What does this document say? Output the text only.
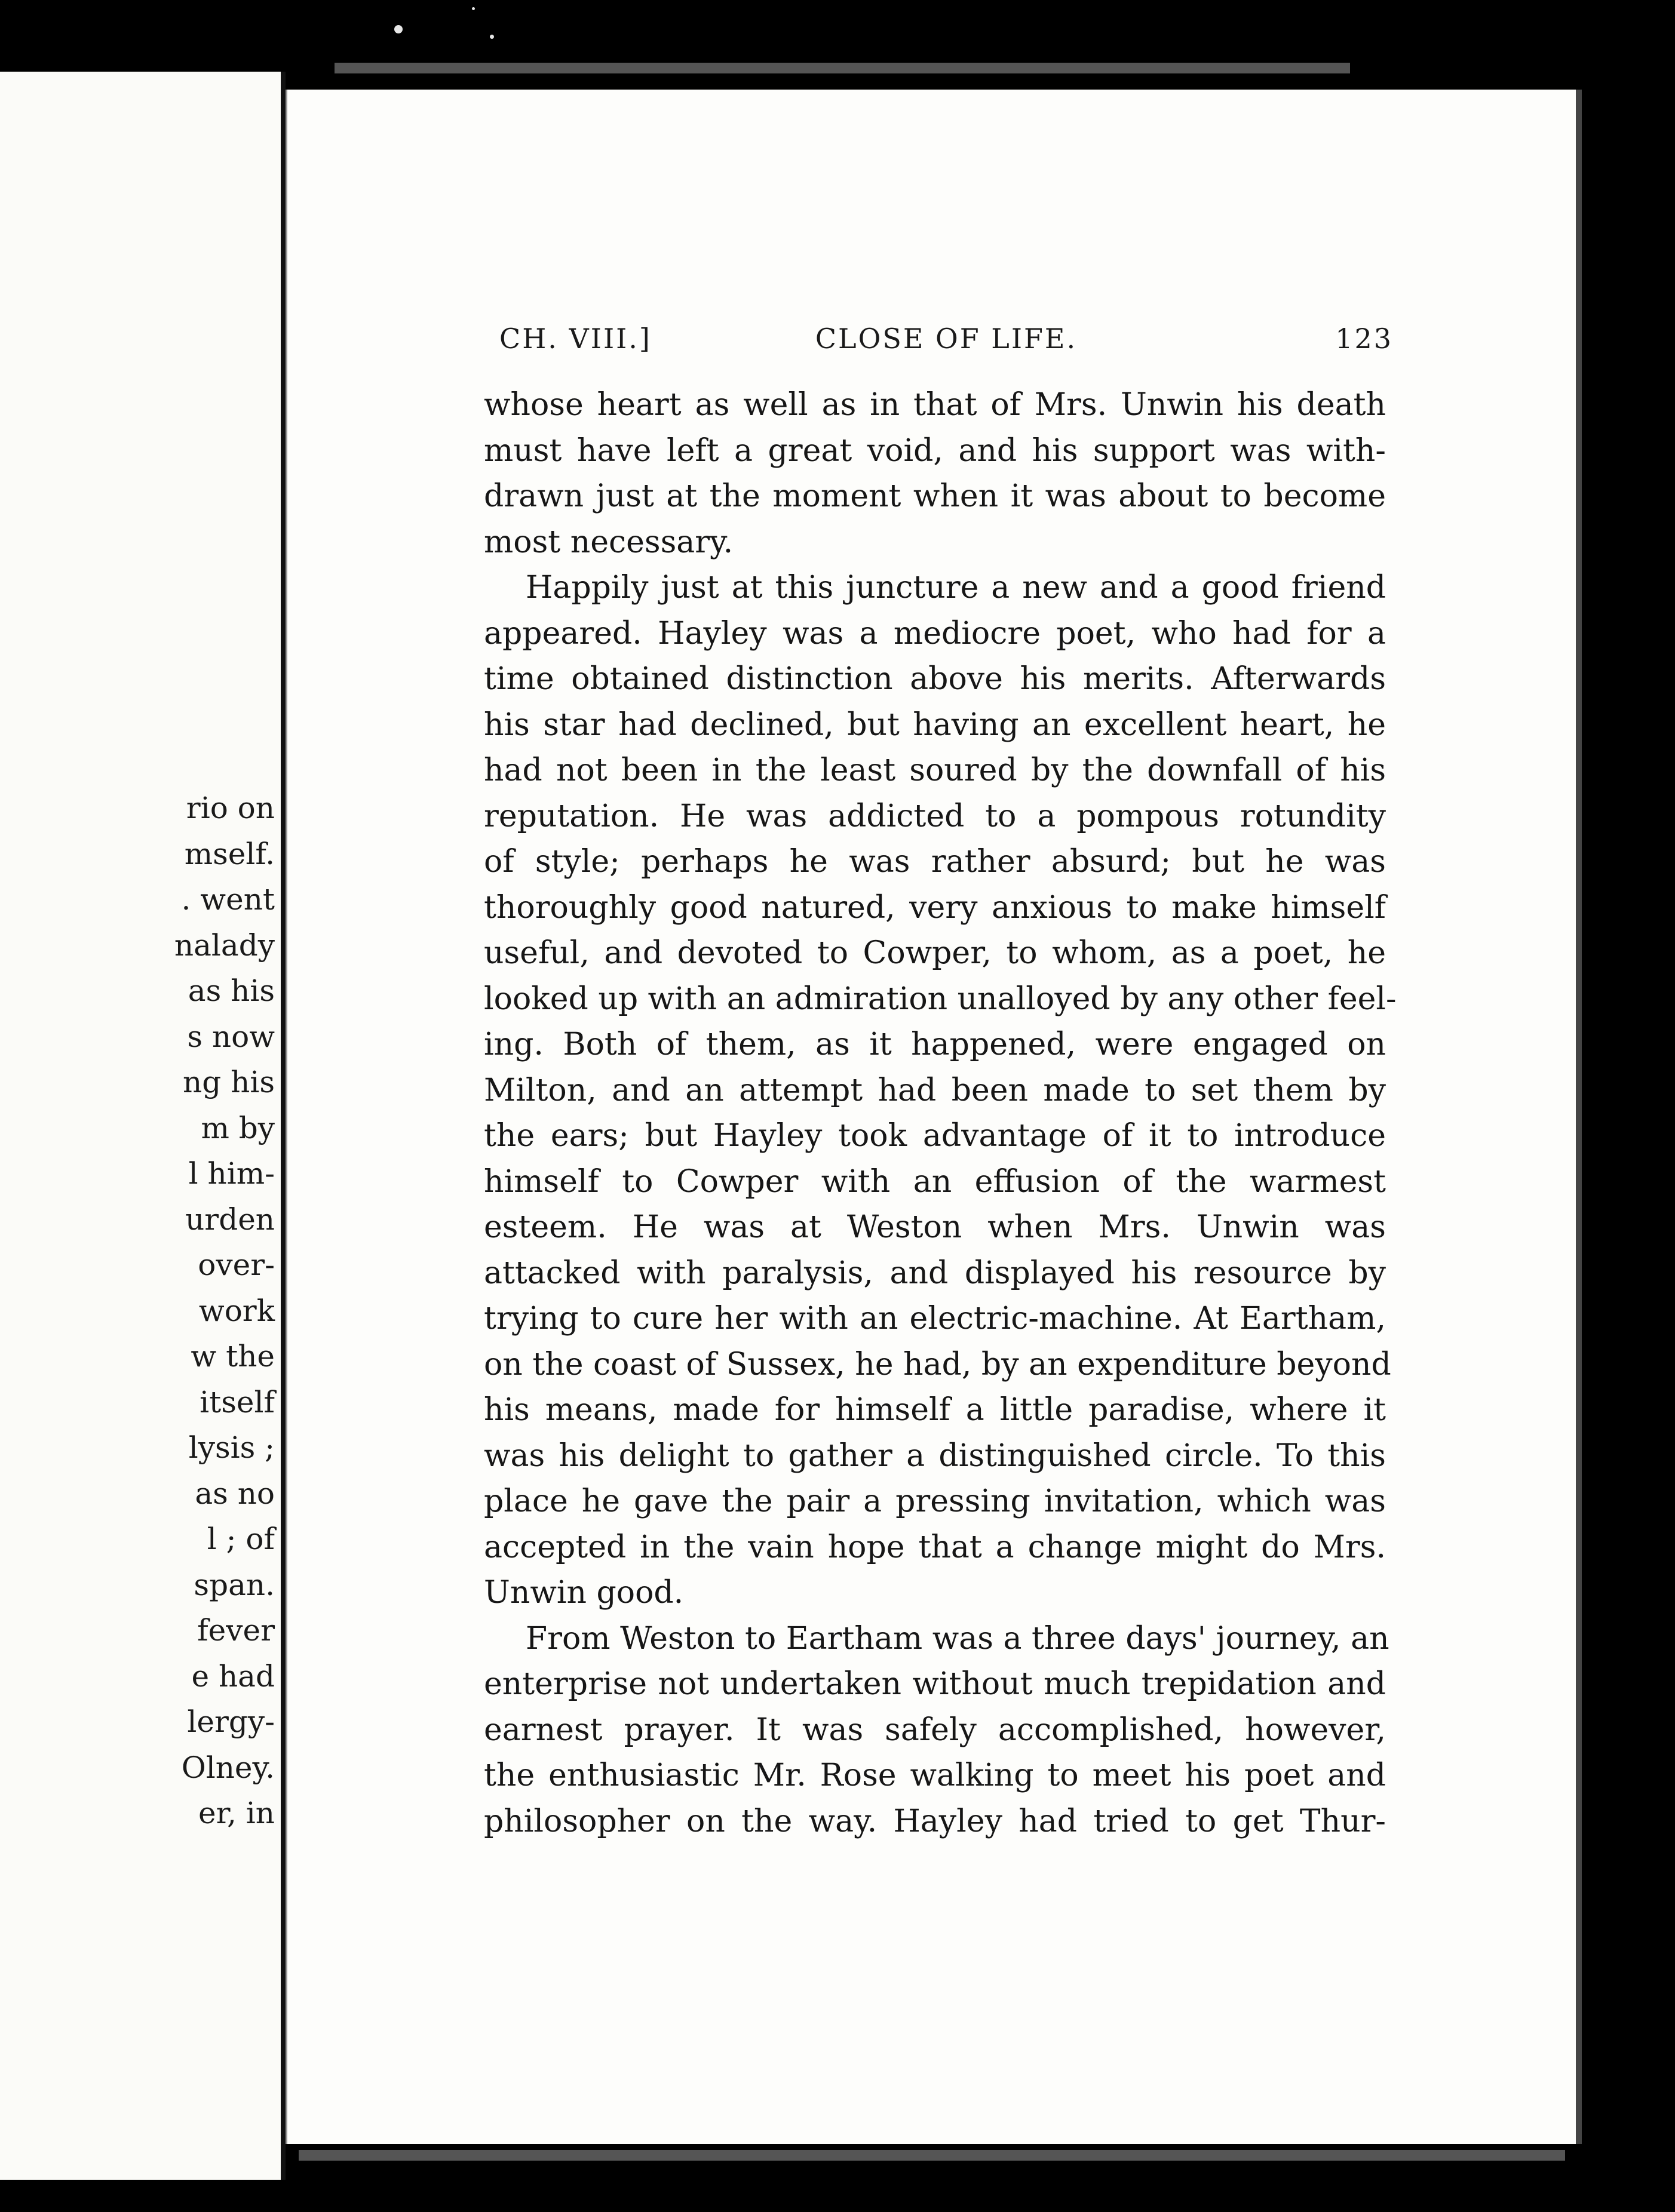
rio on
mself.
. went
nalady
as his
s now
ng his
m by
l him-
urden
over-
work
w the
itself
lysis ;
as no
l ; of
span.
fever
e had
lergy-
Olney.
er, in
CH. VIII.]	CLOSE OF LIFE.	123
whose heart as well as in that of Mrs. Unwin his death
must have left a great void, and his support was with-
drawn just at the moment when it was about to become
most necessary.
Happily just at this juncture a new and a good friend
appeared. Hayley was a mediocre poet, who had for a
time obtained distinction above his merits. Afterwards
his star had declined, but having an excellent heart, he
had not been in the least soured by the downfall of his
reputation. He was addicted to a pompous rotundity
of style; perhaps he was rather absurd; but he was
thoroughly good natured, very anxious to make himself
useful, and devoted to Cowper, to whom, as a poet, he
looked up with an admiration unalloyed by any other feel-
ing. Both of them, as it happened, were engaged on
Milton, and an attempt had been made to set them by
the ears; but Hayley took advantage of it to introduce
himself to Cowper with an effusion of the warmest
esteem. He was at Weston when Mrs. Unwin was
attacked with paralysis, and displayed his resource by
trying to cure her with an electric-machine. At Eartham,
on the coast of Sussex, he had, by an expenditure beyond
his means, made for himself a little paradise, where it
was his delight to gather a distinguished circle. To this
place he gave the pair a pressing invitation, which was
accepted in the vain hope that a change might do Mrs.
Unwin good.
From Weston to Eartham was a three days' journey, an
enterprise not undertaken without much trepidation and
earnest prayer. It was safely accomplished, however,
the enthusiastic Mr. Rose walking to meet his poet and
philosopher on the way. Hayley had tried to get Thur-
